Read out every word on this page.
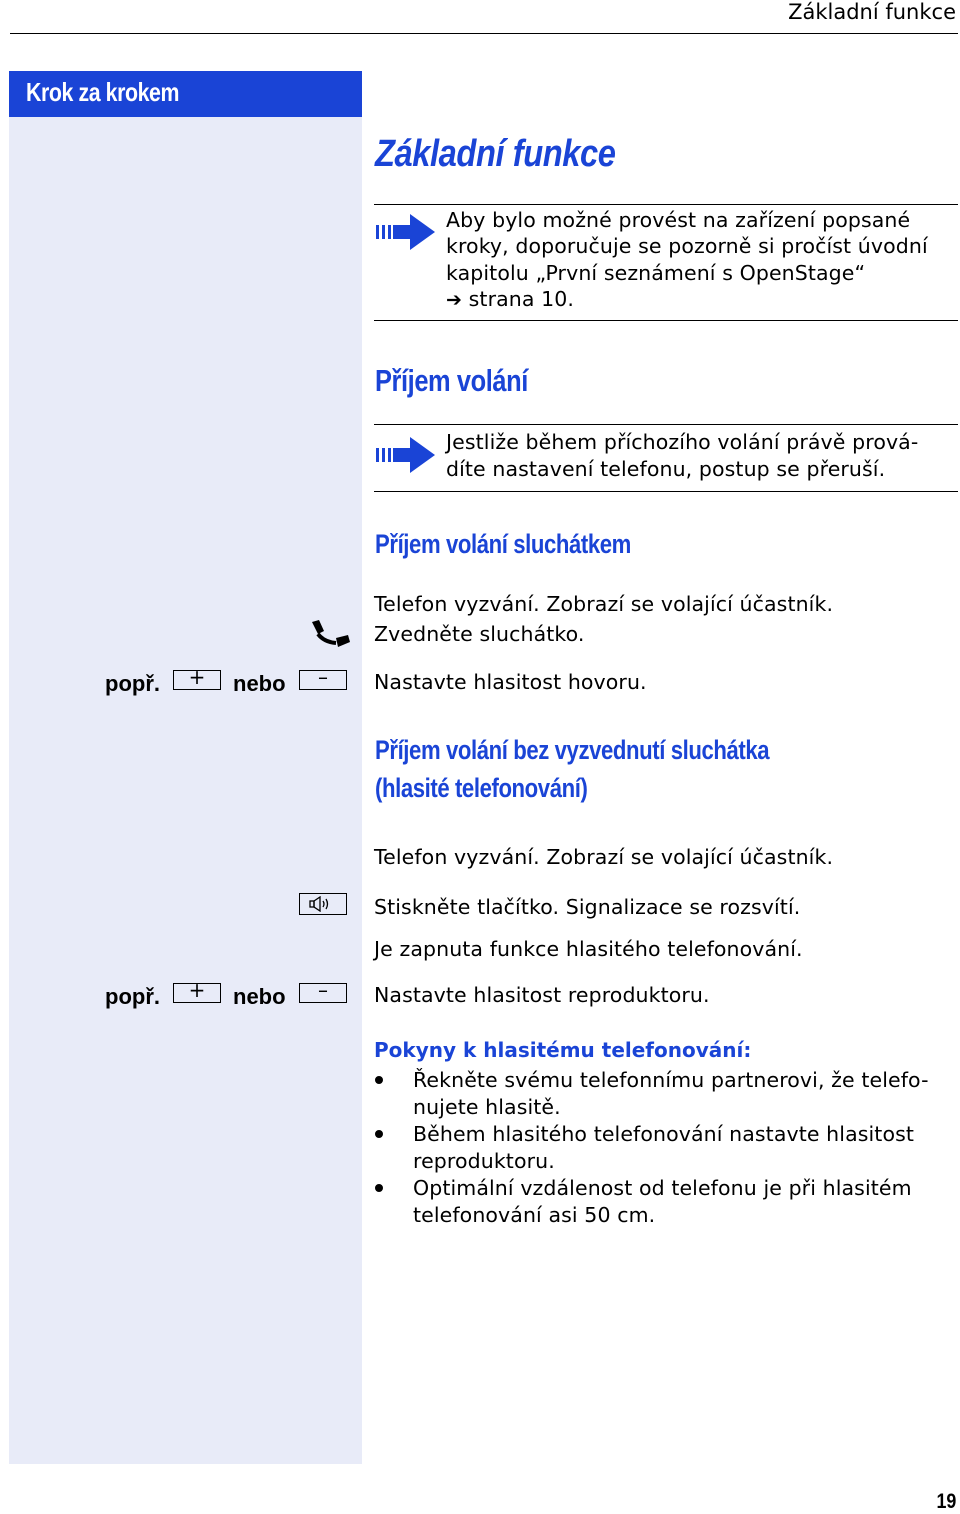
Základní funkce
Krok za krokem
Základní funkce
Aby bylo možné provést na zařízení popsané
kroky, doporučuje se pozorně si pročíst úvodní
kapitolu „První seznámení s OpenStage“
➔ strana 10.
Příjem volání
Jestliže během příchozího volání právě prová-
díte nastavení telefonu, postup se přeruší.
Příjem volání sluchátkem
Telefon vyzvání. Zobrazí se volající účastník.
Zvedněte sluchátko.
popř.	+	nebo	–	Nastavte hlasitost hovoru.
Příjem volání bez vyzvednutí sluchátka
(hlasité telefonování)
Telefon vyzvání. Zobrazí se volající účastník.
Stiskněte tlačítko. Signalizace se rozsvítí.
Je zapnuta funkce hlasitého telefonování.
popř.	+	nebo	–	Nastavte hlasitost reproduktoru.
Pokyny k hlasitému telefonování:
Řekněte svému telefonnímu partnerovi, že telefo-
nujete hlasitě.
Během hlasitého telefonování nastavte hlasitost
reproduktoru.
Optimální vzdálenost od telefonu je při hlasitém
telefonování asi 50 cm.
19
